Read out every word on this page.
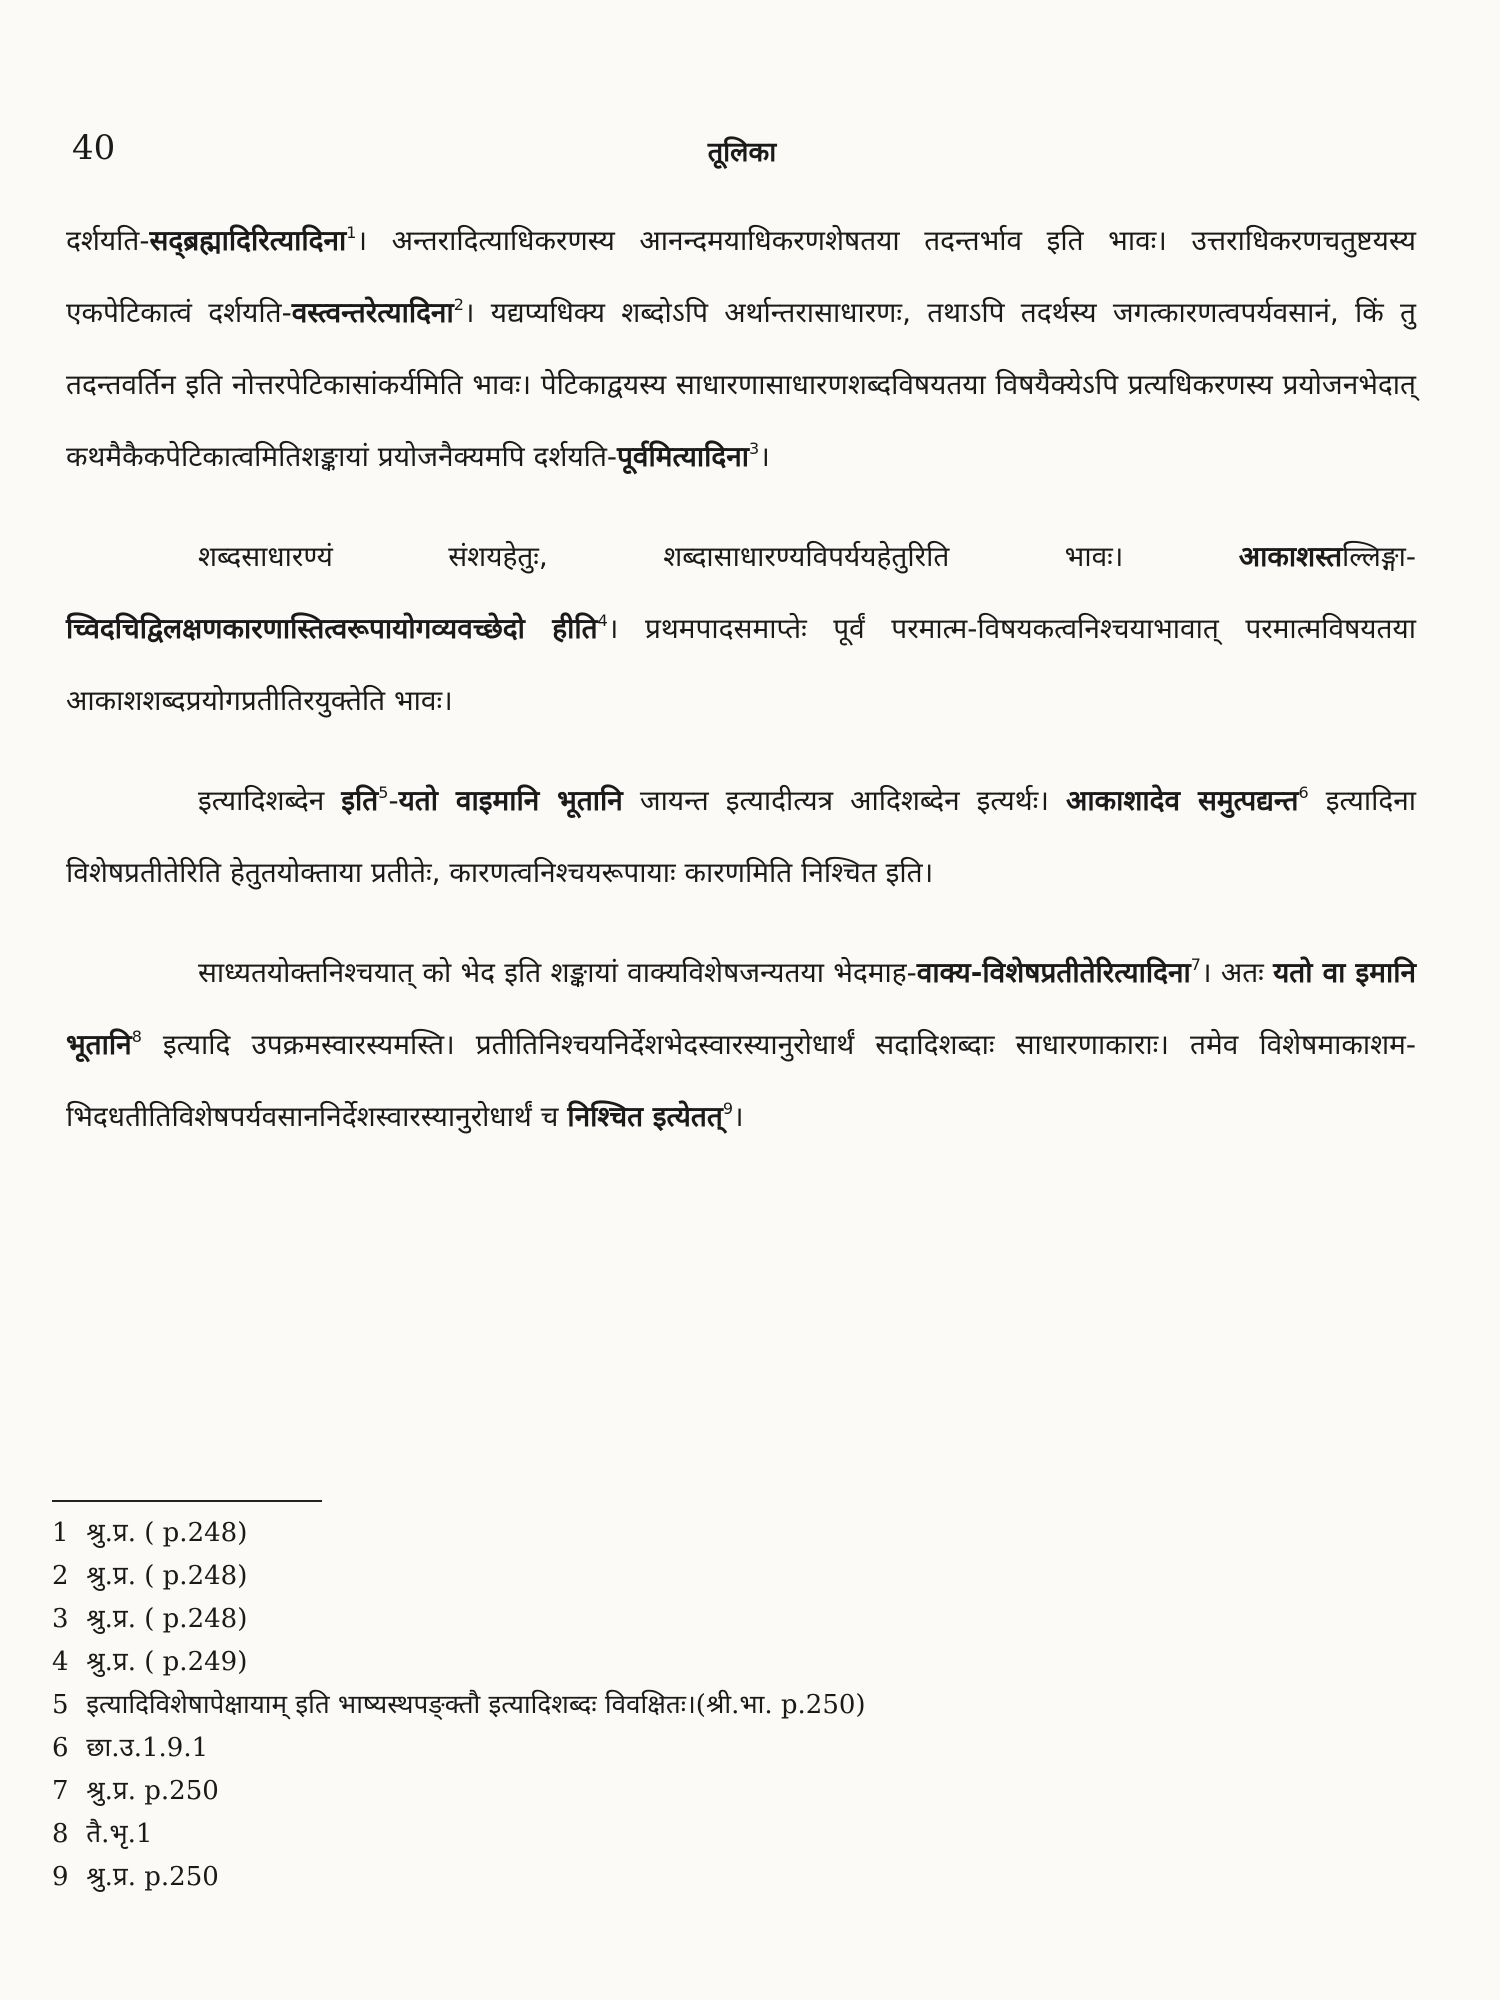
40	तूलिका

दर्शयति-सद्ब्रह्मादिरित्यादिना$^1$। अन्तरादित्याधिकरणस्य आनन्दमयाधिकरणशेषतया तदन्तर्भाव इति भावः। उत्तराधिकरणचतुष्टयस्य एकपेटिकात्वं दर्शयति-वस्त्वन्तरेत्यादिना$^2$। यद्यप्यधिक्य शब्दोऽपि अर्थान्तरासाधारणः, तथाऽपि तदर्थस्य जगत्कारणत्वपर्यवसानं, किं तु तदन्तवर्तिन इति नोत्तरपेटिकासांकर्यमिति भावः। पेटिकाद्वयस्य साधारणासाधारणशब्दविषयतया विषयैक्येऽपि प्रत्यधिकरणस्य प्रयोजनभेदात् कथमैकैकपेटिकात्वमितिशङ्कायां प्रयोजनैक्यमपि दर्शयति-पूर्वमित्यादिना$^3$।

शब्दसाधारण्यं संशयहेतुः, शब्दासाधारण्यविपर्ययहेतुरिति भावः। आकाशस्तल्लिङ्गा-च्विदचिद्विलक्षणकारणास्तित्वरूपायोगव्यवच्छेदो हीति$^4$। प्रथमपादसमाप्तेः पूर्वं परमात्म-विषयकत्वनिश्चयाभावात् परमात्मविषयतया आकाशशब्दप्रयोगप्रतीतिरयुक्तेति भावः।

इत्यादिशब्देन इति$^5$-यतो वाइमानि भूतानि जायन्त इत्यादीत्यत्र आदिशब्देन इत्यर्थः। आकाशादेव समुत्पद्यन्त$^6$ इत्यादिना विशेषप्रतीतेरिति हेतुतयोक्ताया प्रतीतेः, कारणत्वनिश्चयरूपायाः कारणमिति निश्चित इति।

साध्यतयोक्तनिश्चयात् को भेद इति शङ्कायां वाक्यविशेषजन्यतया भेदमाह-वाक्य-विशेषप्रतीतेरित्यादिना$^7$। अतः यतो वा इमानि भूतानि$^8$ इत्यादि उपक्रमस्वारस्यमस्ति। प्रतीतिनिश्चयनिर्देशभेदस्वारस्यानुरोधार्थं सदादिशब्दाः साधारणाकाराः। तमेव विशेषमाकाशम-भिदधतीतिविशेषपर्यवसाननिर्देशस्वारस्यानुरोधार्थं च निश्चित इत्येतत्$^9$।

1 श्रु.प्र. ( p.248)
2 श्रु.प्र. ( p.248)
3 श्रु.प्र. ( p.248)
4 श्रु.प्र. ( p.249)
5 इत्यादिविशेषापेक्षायाम् इति भाष्यस्थपङ्क्तौ इत्यादिशब्दः विवक्षितः।(श्री.भा. p.250)
6 छा.उ.1.9.1
7 श्रु.प्र. p.250
8 तै.भृ.1
9 श्रु.प्र. p.250
